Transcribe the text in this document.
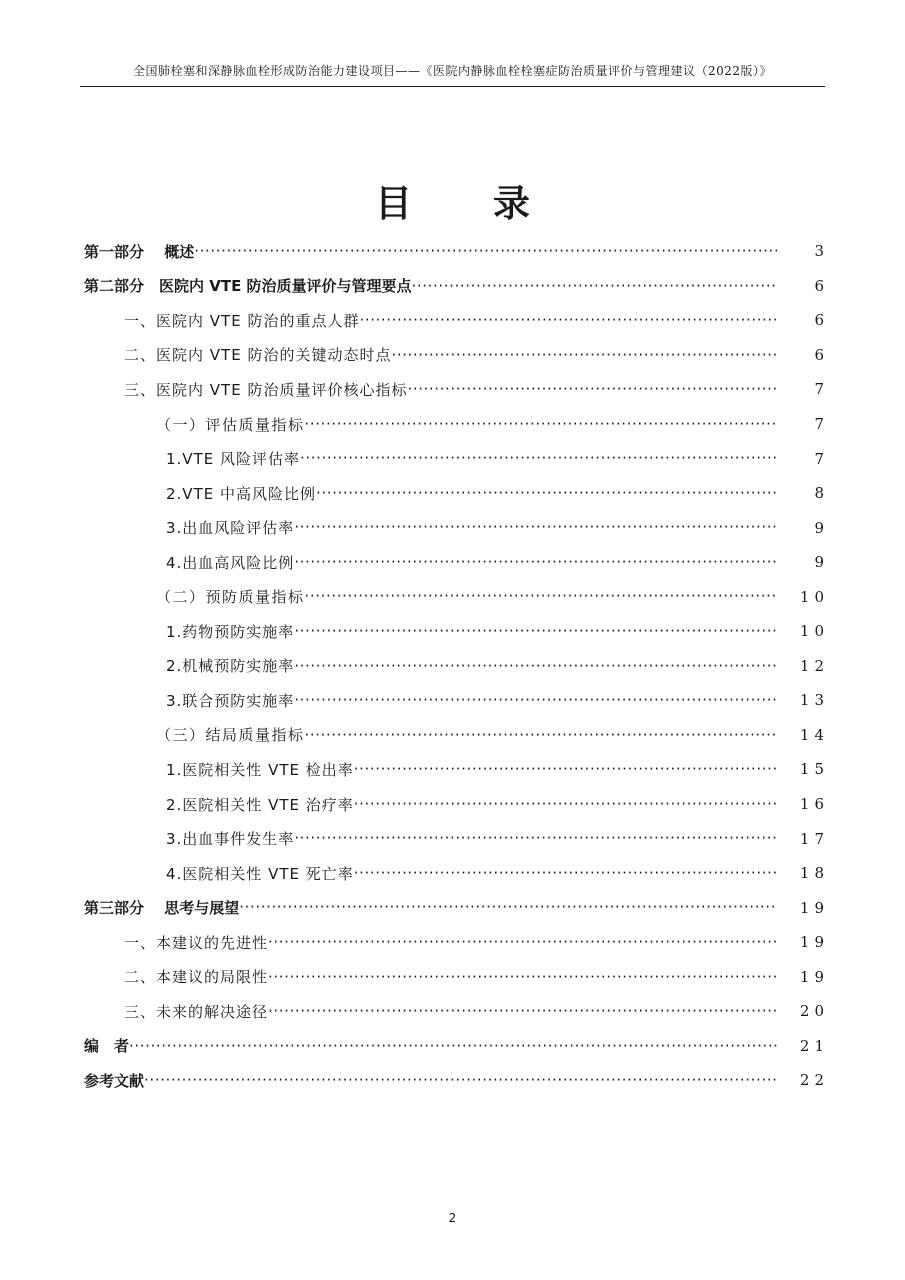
全国肺栓塞和深静脉血栓形成防治能力建设项目——《医院内静脉血栓栓塞症防治质量评价与管理建议（2022版）》
目 录
第一部分　 概述 ·····	3
第二部分　医院内 VTE 防治质量评价与管理要点 ·····	6
一、医院内 VTE 防治的重点人群 ·····	6
二、医院内 VTE 防治的关键动态时点 ·····	6
三、医院内 VTE 防治质量评价核心指标 ·····	7
（一）评估质量指标 ·····	7
1.VTE 风险评估率 ·····	7
2.VTE 中高风险比例 ·····	8
3.出血风险评估率 ·····	9
4.出血高风险比例 ·····	9
（二）预防质量指标 ·····	10
1.药物预防实施率 ·····	10
2.机械预防实施率 ·····	12
3.联合预防实施率 ·····	13
（三）结局质量指标 ·····	14
1.医院相关性 VTE 检出率 ·····	15
2.医院相关性 VTE 治疗率 ·····	16
3.出血事件发生率 ·····	17
4.医院相关性 VTE 死亡率 ·····	18
第三部分　 思考与展望 ·····	19
一、本建议的先进性 ·····	19
二、本建议的局限性 ·····	19
三、未来的解决途径 ·····	20
编　者 ·····	21
参考文献 ·····	22
2
